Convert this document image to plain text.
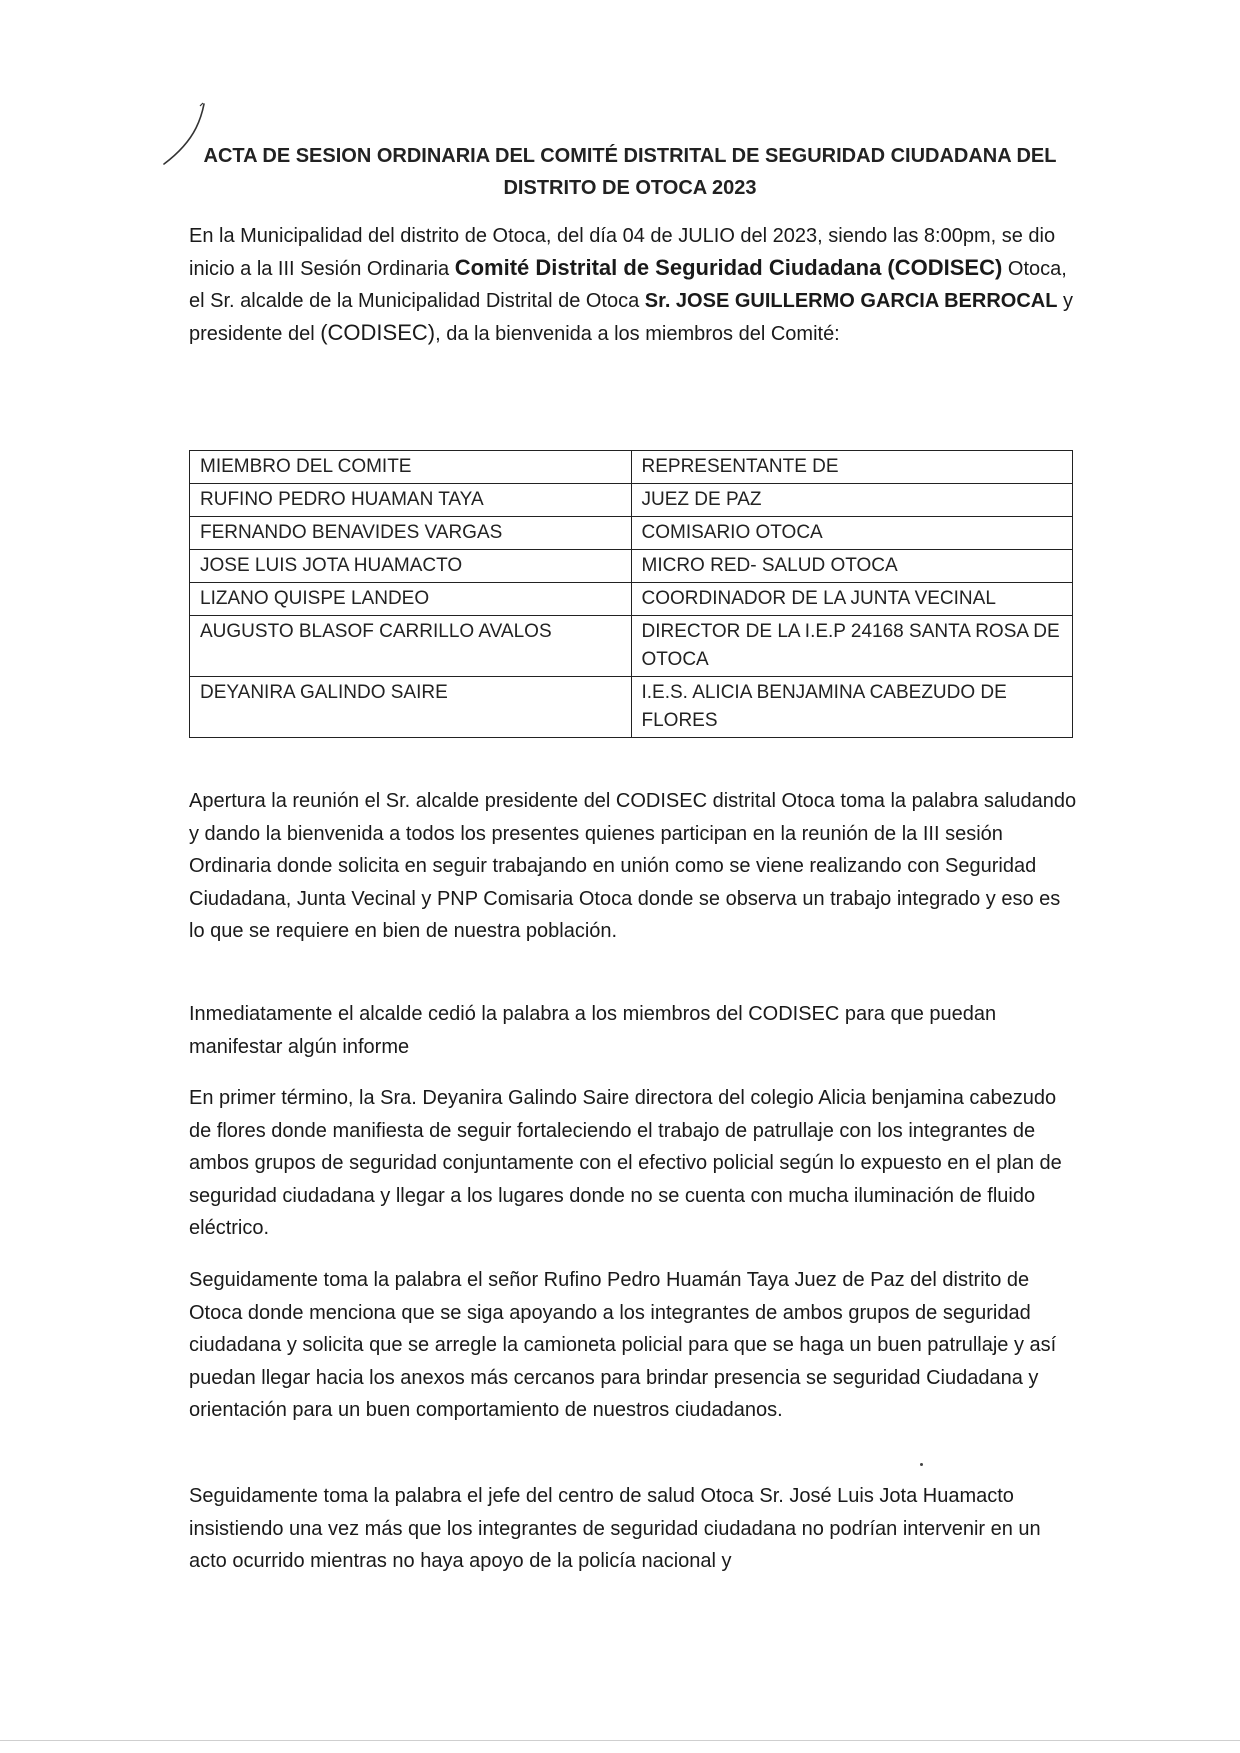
ACTA DE SESION ORDINARIA DEL COMITÉ DISTRITAL DE SEGURIDAD CIUDADANA DEL
DISTRITO DE OTOCA 2023
En la Municipalidad del distrito de Otoca, del día 04 de JULIO del 2023, siendo las 8:00pm, se dio inicio a la III Sesión Ordinaria Comité Distrital de Seguridad Ciudadana (CODISEC) Otoca, el Sr. alcalde de la Municipalidad Distrital de Otoca Sr. JOSE GUILLERMO GARCIA BERROCAL y presidente del (CODISEC), da la bienvenida a los miembros del Comité:
MIEMBRO DEL COMITE	REPRESENTANTE DE
RUFINO PEDRO HUAMAN TAYA	JUEZ DE PAZ
FERNANDO BENAVIDES VARGAS	COMISARIO OTOCA
JOSE LUIS JOTA HUAMACTO	MICRO RED- SALUD OTOCA
LIZANO QUISPE LANDEO	COORDINADOR DE LA JUNTA VECINAL
AUGUSTO BLASOF CARRILLO AVALOS	DIRECTOR DE LA I.E.P 24168 SANTA ROSA DE OTOCA
DEYANIRA GALINDO SAIRE	I.E.S. ALICIA BENJAMINA CABEZUDO DE FLORES

Apertura la reunión el Sr. alcalde presidente del CODISEC distrital Otoca toma la palabra saludando y dando la bienvenida a todos los presentes quienes participan en la reunión de la III sesión Ordinaria donde solicita en seguir trabajando en unión como se viene realizando con Seguridad Ciudadana, Junta Vecinal y PNP Comisaria Otoca donde se observa un trabajo integrado y eso es lo que se requiere en bien de nuestra población.

Inmediatamente el alcalde cedió la palabra a los miembros del CODISEC para que puedan manifestar algún informe

En primer término, la Sra. Deyanira Galindo Saire directora del colegio Alicia benjamina cabezudo de flores donde manifiesta de seguir fortaleciendo el trabajo de patrullaje con los integrantes de ambos grupos de seguridad conjuntamente con el efectivo policial según lo expuesto en el plan de seguridad ciudadana y llegar a los lugares donde no se cuenta con mucha iluminación de fluido eléctrico.

Seguidamente toma la palabra el señor Rufino Pedro Huamán Taya Juez de Paz del distrito de Otoca donde menciona que se siga apoyando a los integrantes de ambos grupos de seguridad ciudadana y solicita que se arregle la camioneta policial para que se haga un buen patrullaje y así puedan llegar hacia los anexos más cercanos para brindar presencia se seguridad Ciudadana y orientación para un buen comportamiento de nuestros ciudadanos.

Seguidamente toma la palabra el jefe del centro de salud Otoca Sr. José Luis Jota Huamacto insistiendo una vez más que los integrantes de seguridad ciudadana no podrían intervenir en un acto ocurrido mientras no haya apoyo de la policía nacional y
